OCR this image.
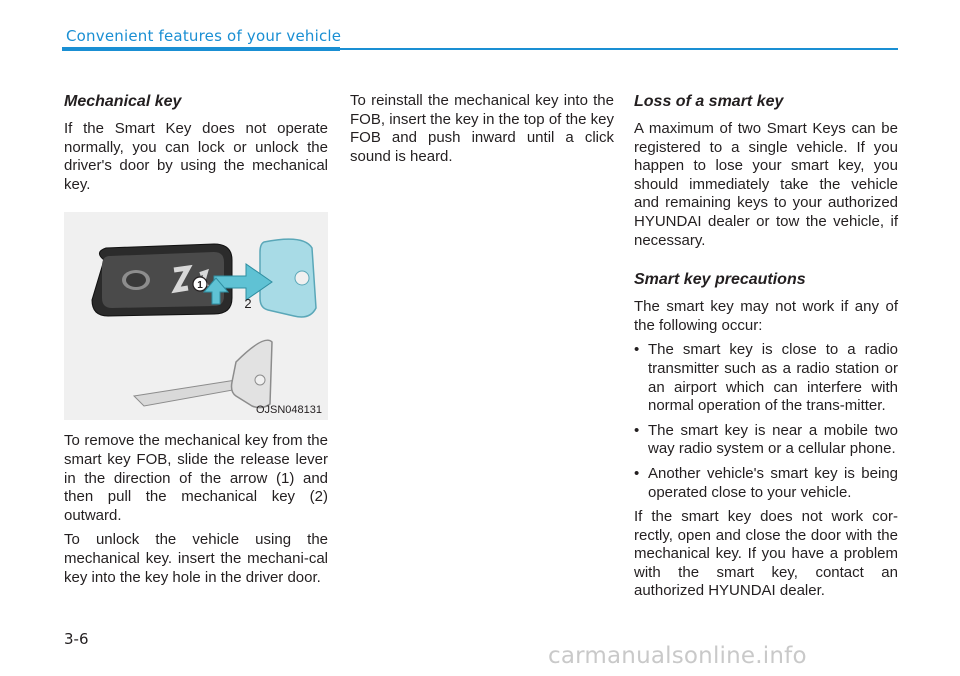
Convenient features of your vehicle
Mechanical key

If the Smart Key does not operate normally, you can lock or unlock the driver's door by using the mechanical key.

1
2
OJSN048131

To remove the mechanical key from the smart key FOB, slide the release lever in the direction of the arrow (1) and then pull the mechanical key (2) outward.

To unlock the vehicle using the mechanical key. insert the mechani-cal key into the key hole in the driver door.

To reinstall the mechanical key into the FOB, insert the key in the top of the key FOB and push inward until a click sound is heard.

Loss of a smart key

A maximum of two Smart Keys can be registered to a single vehicle. If you happen to lose your smart key, you should immediately take the vehicle and remaining keys to your authorized HYUNDAI dealer or tow the vehicle, if necessary.

Smart key precautions

The smart key may not work if any of the following occur:

• The smart key is close to a radio transmitter such as a radio station or an airport which can interfere with normal operation of the trans-mitter.
• The smart key is near a mobile two way radio system or a cellular phone.
• Another vehicle's smart key is being operated close to your vehicle.

If the smart key does not work cor-rectly, open and close the door with the mechanical key. If you have a problem with the smart key, contact an authorized HYUNDAI dealer.

3-6
carmanualsonline.info
